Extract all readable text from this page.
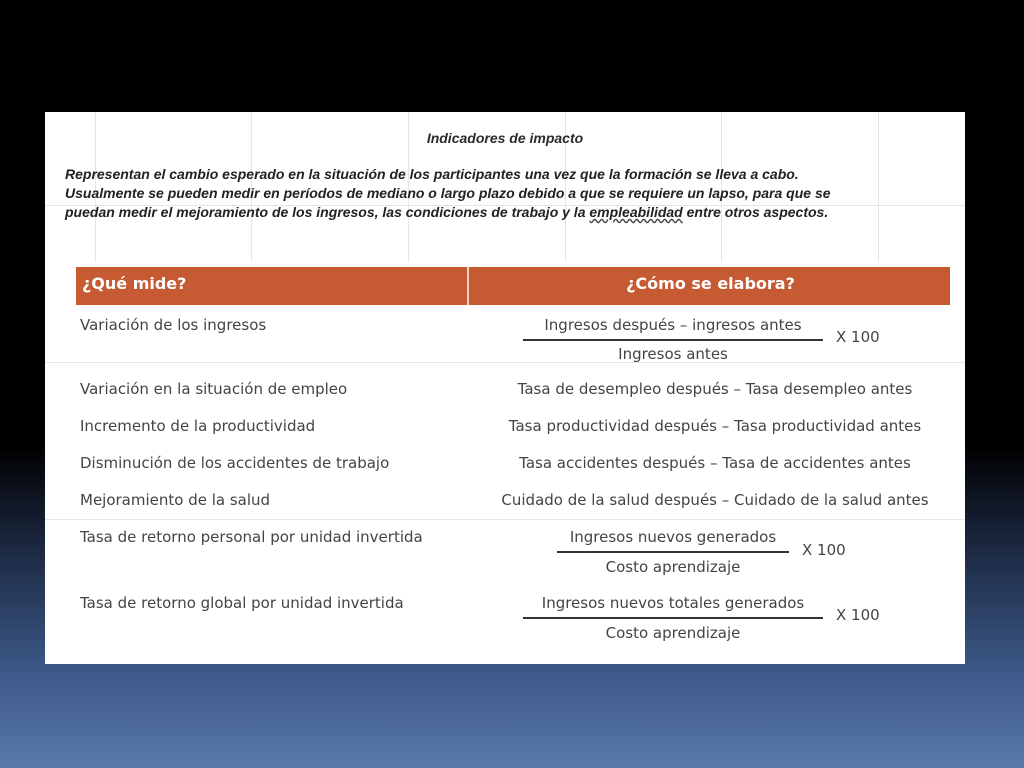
Indicadores de impacto

Representan el cambio esperado en la situación de los participantes una vez que la formación se lleva a cabo.

Usualmente se pueden medir en períodos de mediano o largo plazo debido a que se requiere un lapso, para que se

puedan medir el mejoramiento de los ingresos, las condiciones de trabajo y la empleabilidad entre otros aspectos.

¿Qué mide?	¿Cómo se elabora?
Variación de los ingresos	Ingresos después – ingresos antes
Ingresos antes
X 100
Variación en la situación de empleo	Tasa de desempleo después – Tasa desempleo antes
Incremento de la productividad	Tasa productividad después – Tasa productividad antes
Disminución de los accidentes de trabajo	Tasa accidentes después – Tasa de accidentes antes
Mejoramiento de la salud	Cuidado de la salud después – Cuidado de la salud antes
Tasa de retorno personal por unidad invertida	Ingresos nuevos generados
Costo aprendizaje
X 100
Tasa de retorno global por unidad invertida	Ingresos nuevos totales generados
Costo aprendizaje
X 100
